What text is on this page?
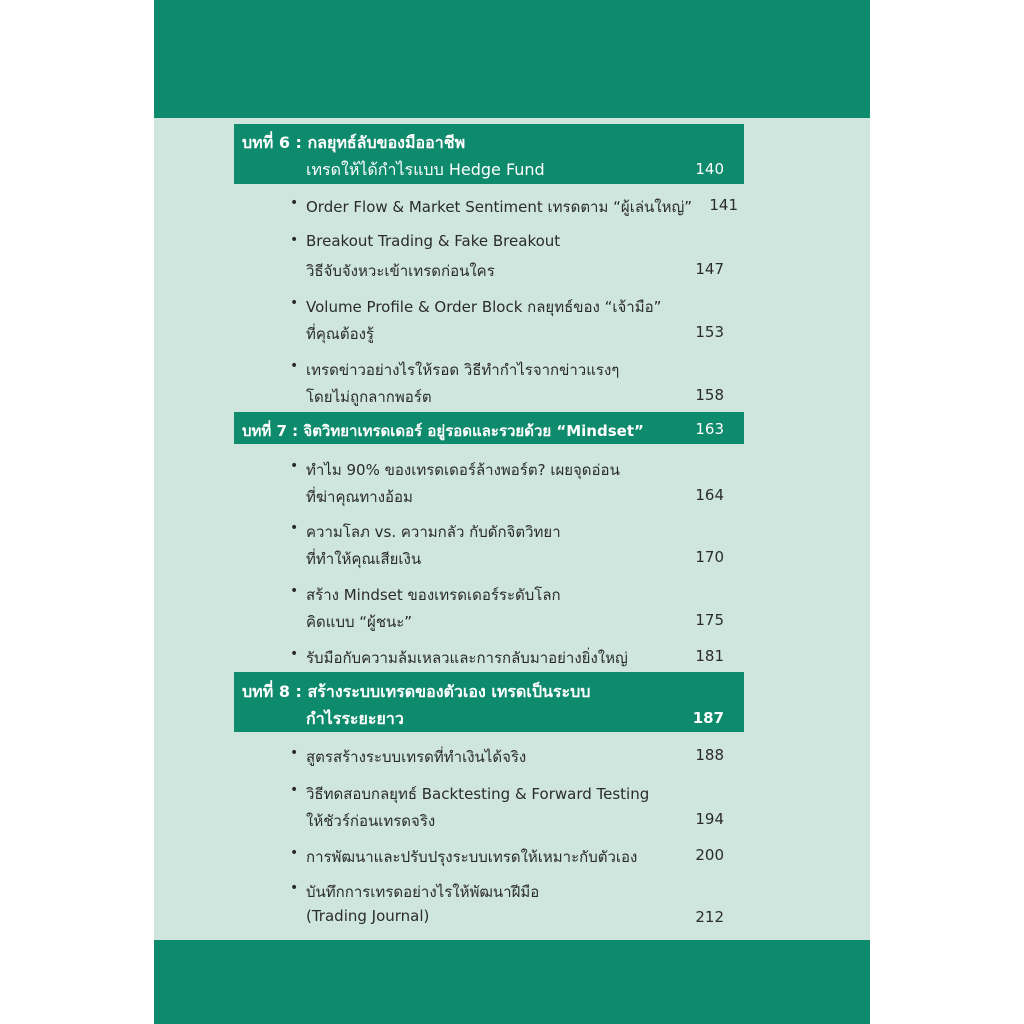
บทที่ 6 : กลยุทธ์ลับของมืออาชีพ
เทรดให้ได้กำไรแบบ Hedge Fund	140
• Order Flow & Market Sentiment เทรดตาม “ผู้เล่นใหญ่” 141
• Breakout Trading & Fake Breakout
วิธีจับจังหวะเข้าเทรดก่อนใคร	147
• Volume Profile & Order Block กลยุทธ์ของ “เจ้ามือ”
ที่คุณต้องรู้	153
• เทรดข่าวอย่างไรให้รอด วิธีทำกำไรจากข่าวแรงๆ
โดยไม่ถูกลากพอร์ต	158
บทที่ 7 : จิตวิทยาเทรดเดอร์ อยู่รอดและรวยด้วย “Mindset”	163
• ทำไม 90% ของเทรดเดอร์ล้างพอร์ต? เผยจุดอ่อน
ที่ฆ่าคุณทางอ้อม	164
• ความโลภ vs. ความกลัว กับดักจิตวิทยา
ที่ทำให้คุณเสียเงิน	170
• สร้าง Mindset ของเทรดเดอร์ระดับโลก
คิดแบบ “ผู้ชนะ”	175
• รับมือกับความล้มเหลวและการกลับมาอย่างยิ่งใหญ่	181
บทที่ 8 : สร้างระบบเทรดของตัวเอง เทรดเป็นระบบ
กำไรระยะยาว	187
• สูตรสร้างระบบเทรดที่ทำเงินได้จริง	188
• วิธีทดสอบกลยุทธ์ Backtesting & Forward Testing
ให้ชัวร์ก่อนเทรดจริง	194
• การพัฒนาและปรับปรุงระบบเทรดให้เหมาะกับตัวเอง	200
• บันทึกการเทรดอย่างไรให้พัฒนาฝีมือ
(Trading Journal)	212
